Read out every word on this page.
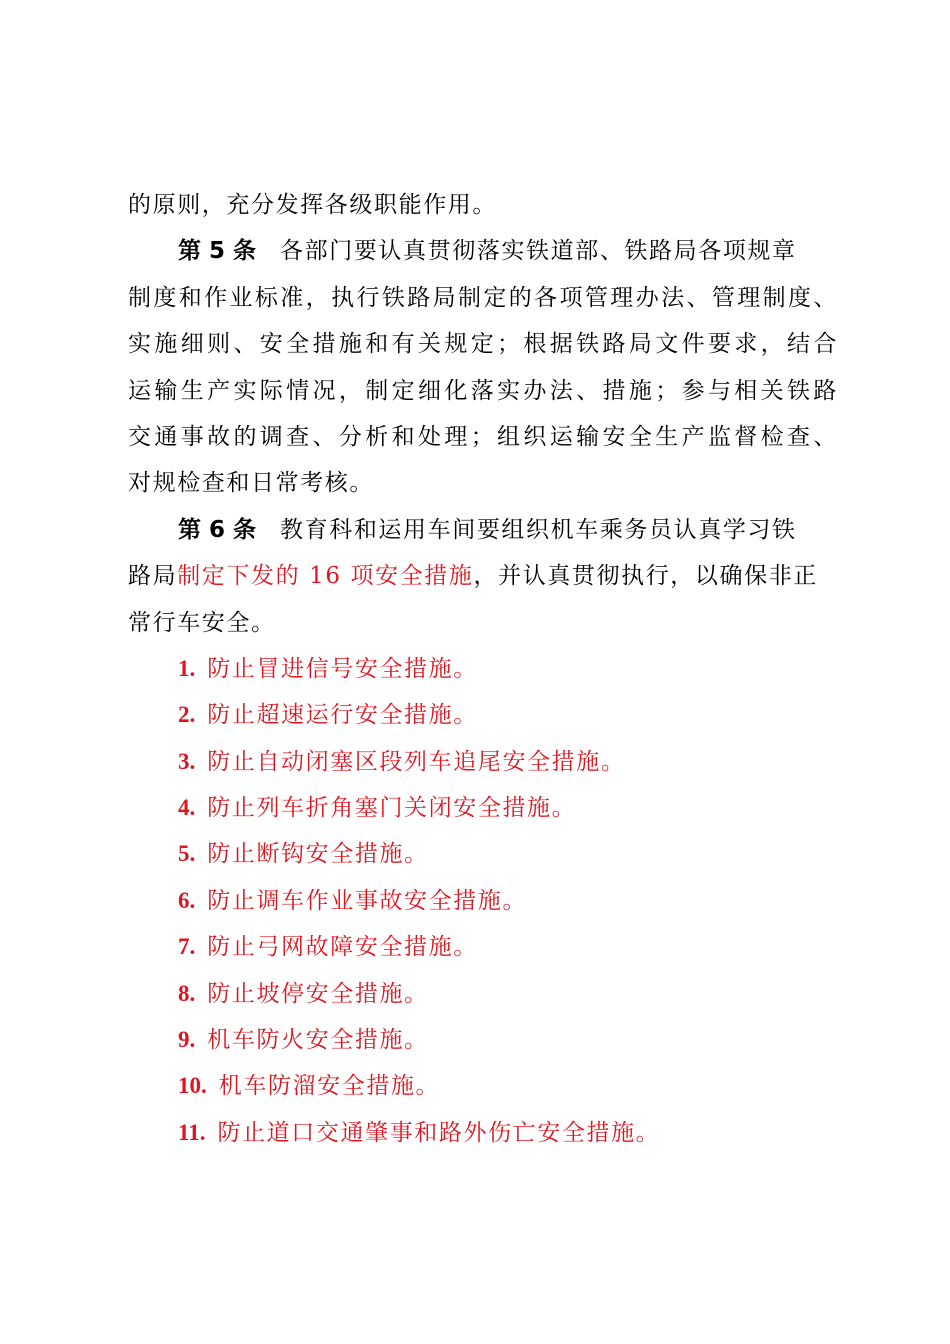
的原则，充分发挥各级职能作用。
第 5 条 各部门要认真贯彻落实铁道部、铁路局各项规章
制度和作业标准，执行铁路局制定的各项管理办法、管理制度、
实施细则、安全措施和有关规定；根据铁路局文件要求，结合
运输生产实际情况，制定细化落实办法、措施；参与相关铁路
交通事故的调查、分析和处理；组织运输安全生产监督检查、
对规检查和日常考核。
第 6 条 教育科和运用车间要组织机车乘务员认真学习铁
路局制定下发的 16 项安全措施，并认真贯彻执行，以确保非正
常行车安全。
1. 防止冒进信号安全措施。
2. 防止超速运行安全措施。
3. 防止自动闭塞区段列车追尾安全措施。
4. 防止列车折角塞门关闭安全措施。
5. 防止断钩安全措施。
6. 防止调车作业事故安全措施。
7. 防止弓网故障安全措施。
8. 防止坡停安全措施。
9. 机车防火安全措施。
10. 机车防溜安全措施。
11. 防止道口交通肇事和路外伤亡安全措施。
